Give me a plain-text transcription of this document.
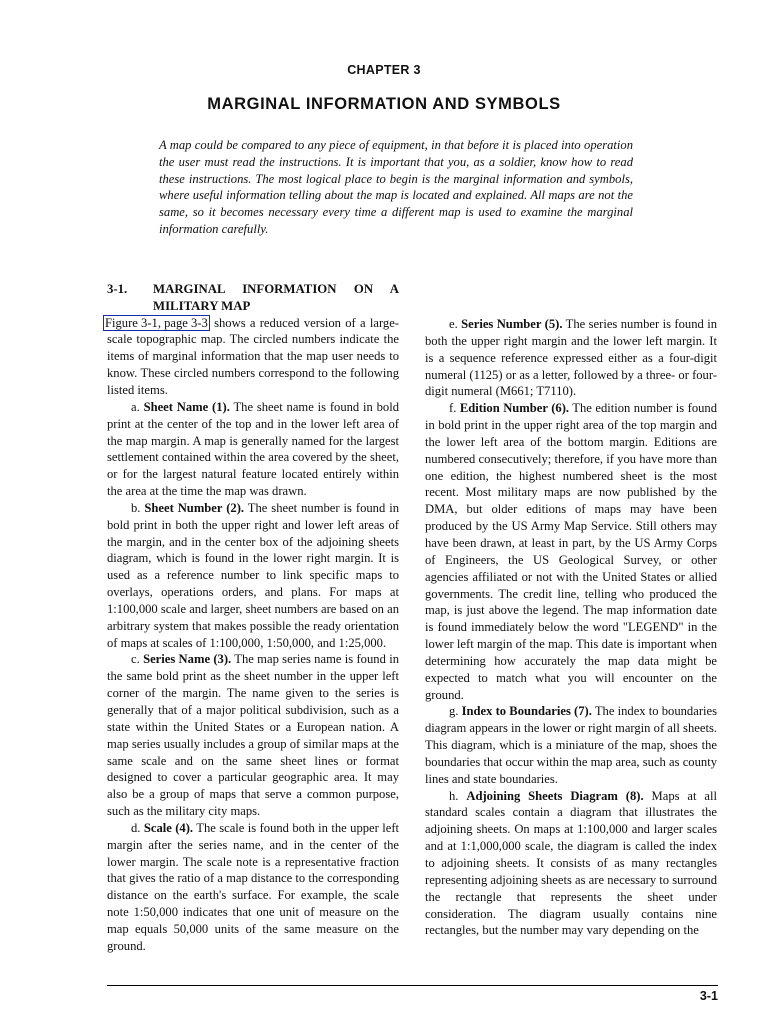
CHAPTER 3
MARGINAL INFORMATION AND SYMBOLS
A map could be compared to any piece of equipment, in that before it is placed into operation the user must read the instructions. It is important that you, as a soldier, know how to read these instructions. The most logical place to begin is the marginal information and symbols, where useful information telling about the map is located and explained. All maps are not the same, so it becomes necessary every time a different map is used to examine the marginal information carefully.
3-1.	MARGINAL INFORMATION ON A MILITARY MAP

Figure 3-1, page 3-3 shows a reduced version of a large-scale topographic map. The circled numbers indicate the items of marginal information that the map user needs to know. These circled numbers correspond to the following listed items.

a. Sheet Name (1). The sheet name is found in bold print at the center of the top and in the lower left area of the map margin. A map is generally named for the largest settlement contained within the area covered by the sheet, or for the largest natural feature located entirely within the area at the time the map was drawn.

b. Sheet Number (2). The sheet number is found in bold print in both the upper right and lower left areas of the margin, and in the center box of the adjoining sheets diagram, which is found in the lower right margin. It is used as a reference number to link specific maps to overlays, operations orders, and plans. For maps at 1:100,000 scale and larger, sheet numbers are based on an arbitrary system that makes possible the ready orientation of maps at scales of 1:100,000, 1:50,000, and 1:25,000.

c. Series Name (3). The map series name is found in the same bold print as the sheet number in the upper left corner of the margin. The name given to the series is generally that of a major political subdivision, such as a state within the United States or a European nation. A map series usually includes a group of similar maps at the same scale and on the same sheet lines or format designed to cover a particular geographic area. It may also be a group of maps that serve a common purpose, such as the military city maps.

d. Scale (4). The scale is found both in the upper left margin after the series name, and in the center of the lower margin. The scale note is a representative fraction that gives the ratio of a map distance to the corresponding distance on the earth's surface. For example, the scale note 1:50,000 indicates that one unit of measure on the map equals 50,000 units of the same measure on the ground.

e. Series Number (5). The series number is found in both the upper right margin and the lower left margin. It is a sequence reference expressed either as a four-digit numeral (1125) or as a letter, followed by a three- or four-digit numeral (M661; T7110).

f. Edition Number (6). The edition number is found in bold print in the upper right area of the top margin and the lower left area of the bottom margin. Editions are numbered consecutively; therefore, if you have more than one edition, the highest numbered sheet is the most recent. Most military maps are now published by the DMA, but older editions of maps may have been produced by the US Army Map Service. Still others may have been drawn, at least in part, by the US Army Corps of Engineers, the US Geological Survey, or other agencies affiliated or not with the United States or allied governments. The credit line, telling who produced the map, is just above the legend. The map information date is found immediately below the word "LEGEND" in the lower left margin of the map. This date is important when determining how accurately the map data might be expected to match what you will encounter on the ground.

g. Index to Boundaries (7). The index to boundaries diagram appears in the lower or right margin of all sheets. This diagram, which is a miniature of the map, shoes the boundaries that occur within the map area, such as county lines and state boundaries.

h. Adjoining Sheets Diagram (8). Maps at all standard scales contain a diagram that illustrates the adjoining sheets. On maps at 1:100,000 and larger scales and at 1:1,000,000 scale, the diagram is called the index to adjoining sheets. It consists of as many rectangles representing adjoining sheets as are necessary to surround the rectangle that represents the sheet under consideration. The diagram usually contains nine rectangles, but the number may vary depending on the

3-1
